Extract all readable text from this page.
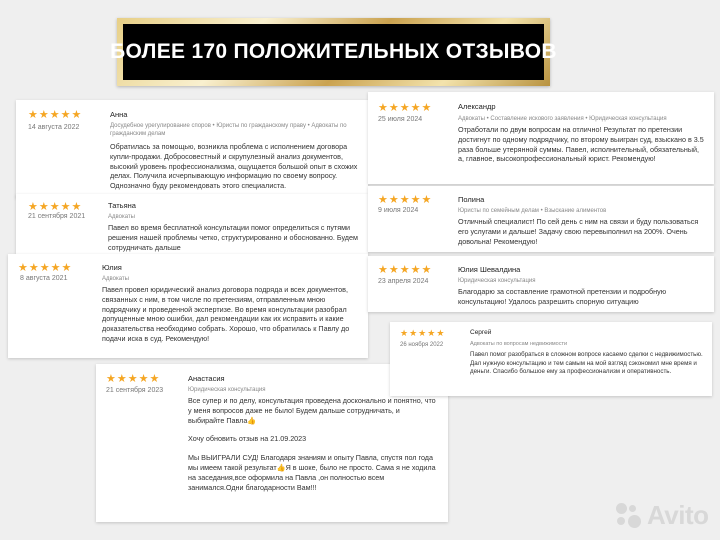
БОЛЕЕ 170 ПОЛОЖИТЕЛЬНЫХ ОТЗЫВОВ
★ ★ ★ ★ ★
14 августа 2022
Анна
Досудебное урегулирование споров • Юристы по гражданскому праву • Адвокаты по гражданским делам
Обратилась за помощью, возникла проблема с исполнением договора купли-продажи. Добросовестный и скрупулезный анализ документов, высокий уровень профессионализма, ощущается большой опыт в схожих делах. Получила исчерпывающую информацию по своему вопросу. Однозначно буду рекомендовать этого специалиста.
★ ★ ★ ★ ★
21 сентября 2021
Татьяна
Адвокаты
Павел во время бесплатной консультации помог определиться с путями решения нашей проблемы четко, структурированно и обоснованно. Будем сотрудничать дальше
★ ★ ★ ★ ★
8 августа 2021
Юлия
Адвокаты
Павел провел юридический анализ договора подряда и всех документов, связанных с ним, в том числе по претензиям, отправленным мною подрядчику и проведенной экспертизе. Во время консультации разобрал допущенные мною ошибки, дал рекомендации как их исправить и какие доказательства необходимо собрать. Хорошо, что обратилась к Павлу до подачи иска в суд. Рекомендую!
★ ★ ★ ★ ★
21 сентября 2023
Анастасия
Юридическая консультация

Все супер и по делу, консультация проведена досконально и понятно, что у меня вопросов даже не было! Будем дальше сотрудничать, и выбирайте Павла👍

Хочу обновить отзыв на 21.09.2023

Мы ВЫИГРАЛИ СУД! Благодаря знаниям и опыту Павла, спустя пол года мы имеем такой результат👍Я в шоке, было не просто. Сама я не ходила на заседания,все оформила на Павла ,он полностью всем занимался.Одни благодарности Вам!!!

★ ★ ★ ★ ★
25 июля 2024
Александр
Адвокаты • Составление искового заявления • Юридическая консультация
Отработали по двум вопросам на отлично! Результат по претензии достигнут по одному подрядчику, по второму выигран суд, взыскано в 3.5 раза больше утерянной суммы. Павел, исполнительный, обязательный, а, главное, высокопрофессиональный юрист. Рекомендую!
★ ★ ★ ★ ★
9 июля 2024
Полина
Юристы по семейным делам • Взыскание алиментов
Отличный специалист! По сей день с ним на связи и буду пользоваться его услугами и дальше! Задачу свою перевыполнил на 200%. Очень довольна! Рекомендую!
★ ★ ★ ★ ★
23 апреля 2024
Юлия Шевалдина
Юридическая консультация
Благодарю за составление грамотной претензии и подробную консультацию! Удалось разрешить спорную ситуацию
★ ★ ★ ★ ★
26 ноября 2022
Сергей
Адвокаты по вопросам недвижимости
Павел помог разобраться в сложном вопросе касаемо сделки с недвижимостью. Дал нужную консультацию и тем самым на мой взгляд сэкономил мне время и деньги. Спасибо большое ему за профессионализм и оперативность.
Avito
